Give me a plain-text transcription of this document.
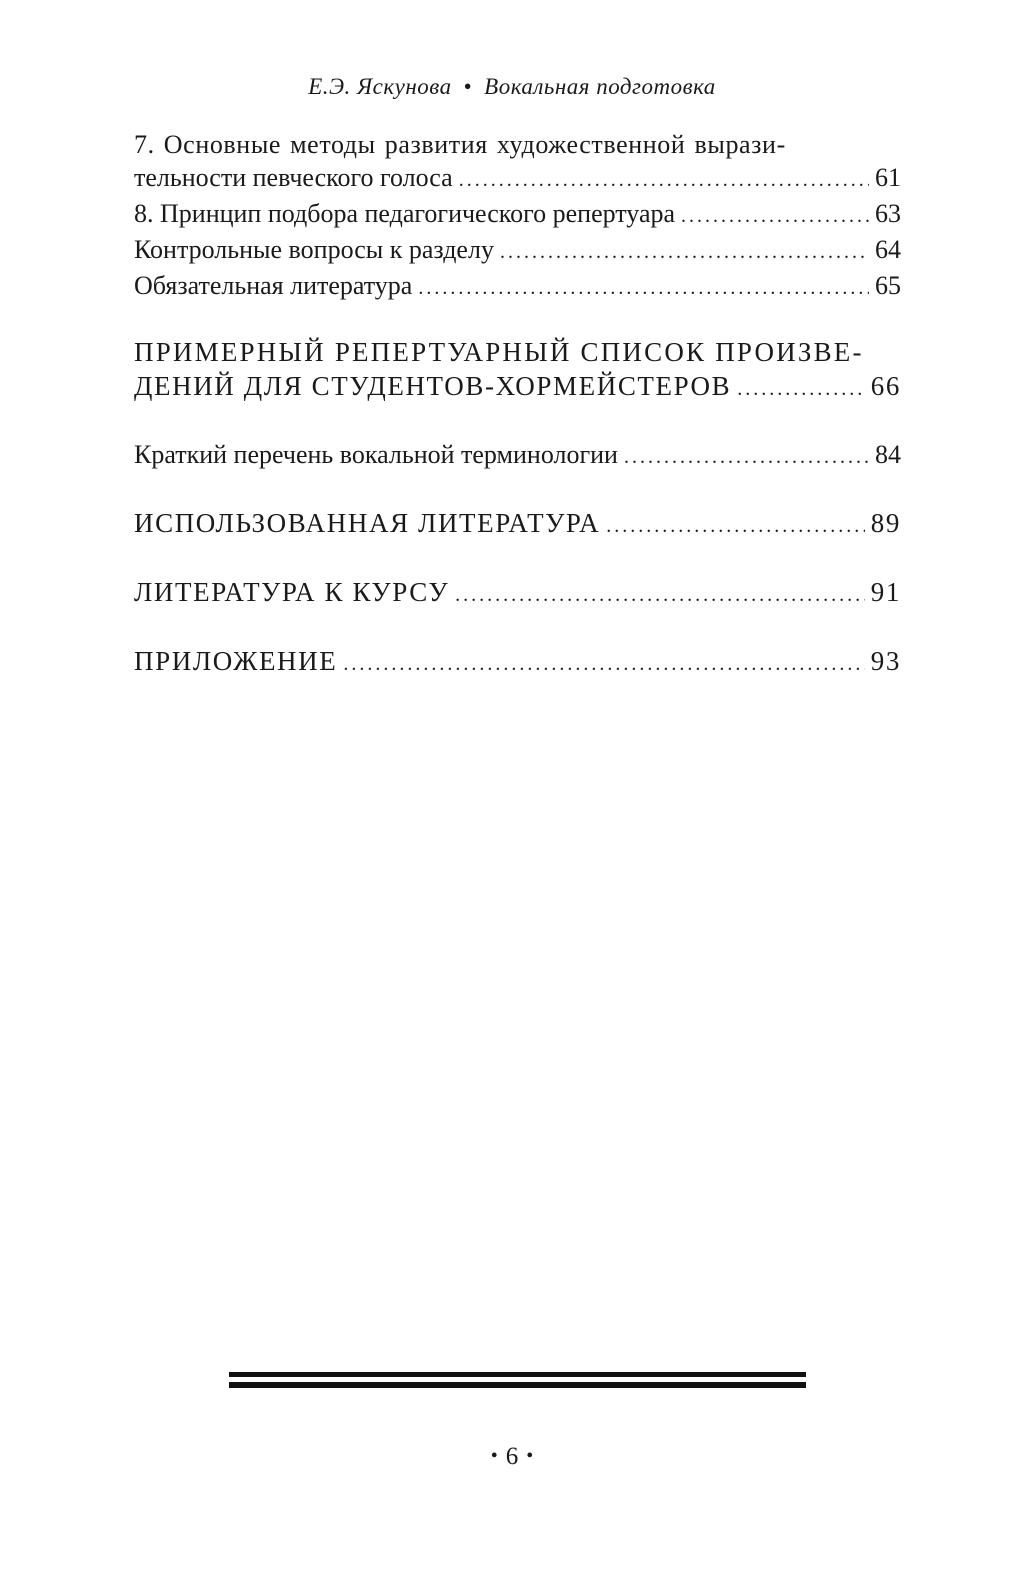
Е.Э. Яскунова • Вокальная подготовка
7. Основные методы развития художественной вырази-
тельности певческого голоса . . .	61
8. Принцип подбора педагогического репертуара . . .	63
Контрольные вопросы к разделу . . .	64
Обязательная литература . . .	65
ПРИМЕРНЫЙ РЕПЕРТУАРНЫЙ СПИСОК ПРОИЗВЕ-
ДЕНИЙ ДЛЯ СТУДЕНТОВ-ХОРМЕЙСТЕРОВ . . .	66
Краткий перечень вокальной терминологии . . .	84
ИСПОЛЬЗОВАННАЯ ЛИТЕРАТУРА . . .	89
ЛИТЕРАТУРА К КУРСУ . . .	91
ПРИЛОЖЕНИЕ . . .	93
• 6 •
